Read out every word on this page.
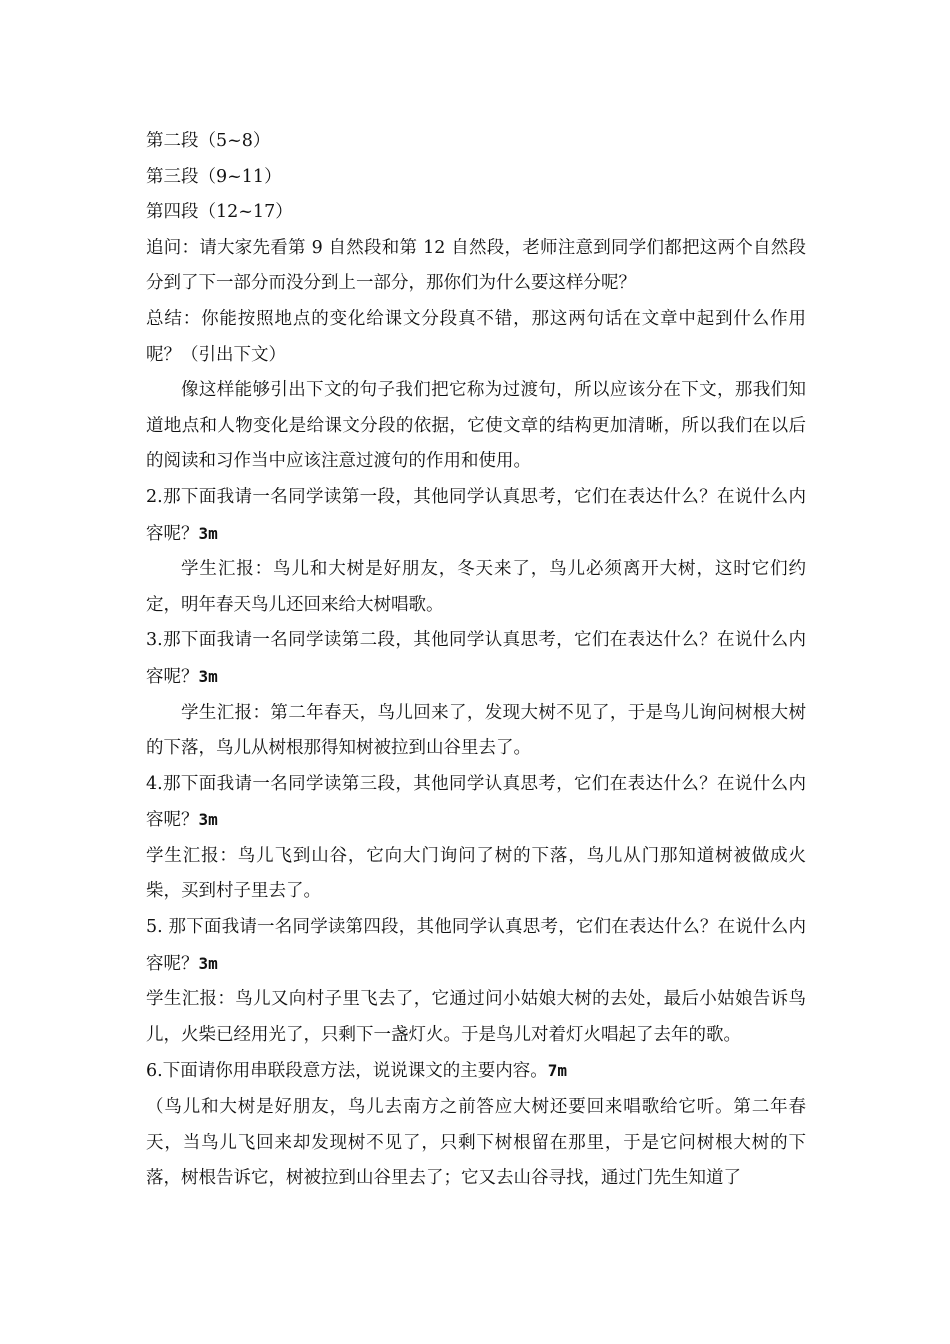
第二段（5~8）

第三段（9~11）

第四段（12~17）

追问：请大家先看第 9 自然段和第 12 自然段，老师注意到同学们都把这两个自然段分到了下一部分而没分到上一部分，那你们为什么要这样分呢？

总结：你能按照地点的变化给课文分段真不错，那这两句话在文章中起到什么作用呢？（引出下文）

像这样能够引出下文的句子我们把它称为过渡句，所以应该分在下文，那我们知道地点和人物变化是给课文分段的依据，它使文章的结构更加清晰，所以我们在以后的阅读和习作当中应该注意过渡句的作用和使用。

2.那下面我请一名同学读第一段，其他同学认真思考，它们在表达什么？在说什么内容呢？3m

学生汇报：鸟儿和大树是好朋友，冬天来了，鸟儿必须离开大树，这时它们约定，明年春天鸟儿还回来给大树唱歌。

3.那下面我请一名同学读第二段，其他同学认真思考，它们在表达什么？在说什么内容呢？3m

学生汇报：第二年春天，鸟儿回来了，发现大树不见了，于是鸟儿询问树根大树的下落，鸟儿从树根那得知树被拉到山谷里去了。

4.那下面我请一名同学读第三段，其他同学认真思考，它们在表达什么？在说什么内容呢？3m

学生汇报：鸟儿飞到山谷，它向大门询问了树的下落，鸟儿从门那知道树被做成火柴，买到村子里去了。

5. 那下面我请一名同学读第四段，其他同学认真思考，它们在表达什么？在说什么内容呢？3m

学生汇报：鸟儿又向村子里飞去了，它通过问小姑娘大树的去处，最后小姑娘告诉鸟儿，火柴已经用光了，只剩下一盏灯火。于是鸟儿对着灯火唱起了去年的歌。

6.下面请你用串联段意方法，说说课文的主要内容。7m

（鸟儿和大树是好朋友，鸟儿去南方之前答应大树还要回来唱歌给它听。第二年春天，当鸟儿飞回来却发现树不见了，只剩下树根留在那里，于是它问树根大树的下落，树根告诉它，树被拉到山谷里去了；它又去山谷寻找，通过门先生知道了
